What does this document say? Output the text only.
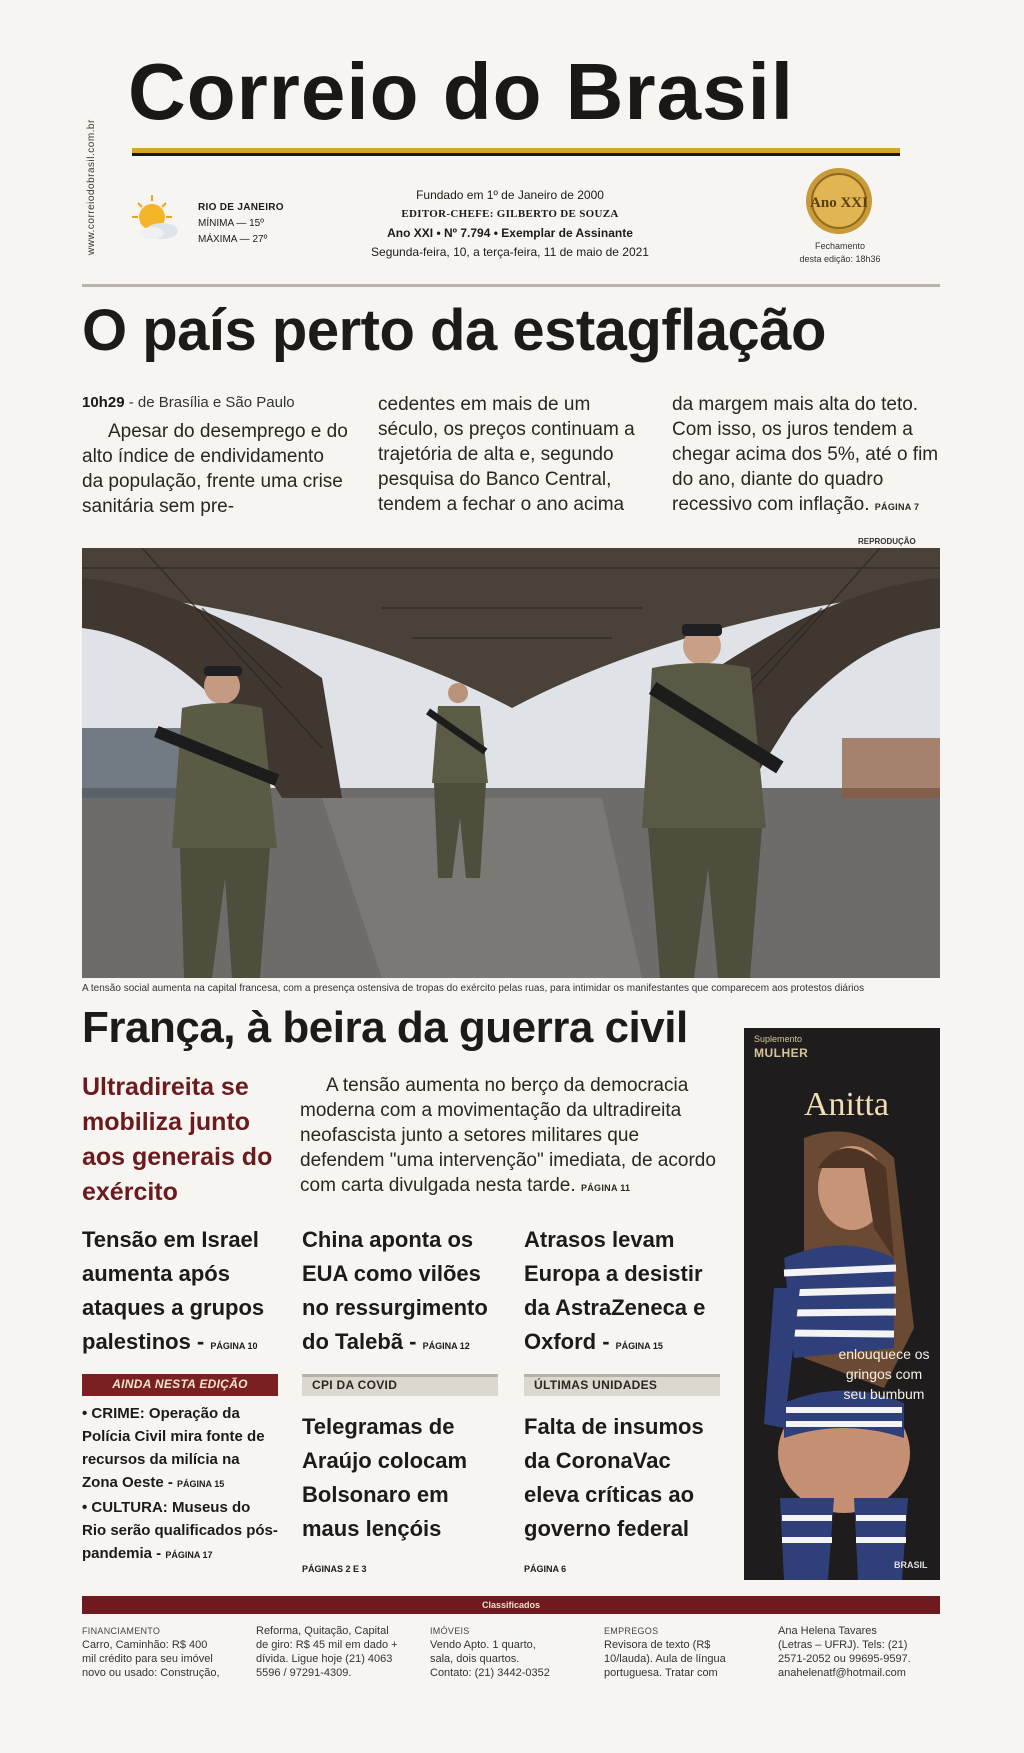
www.correiodobrasil.com.br
Correio do Brasil
RIO DE JANEIRO
MÍNIMA — 15º
MÁXIMA — 27º
Fundado em 1º de Janeiro de 2000
EDITOR-CHEFE: GILBERTO DE SOUZA
Ano XXI • Nº 7.794 • Exemplar de Assinante
Segunda-feira, 10, a terça-feira, 11 de maio de 2021
Ano XXI
Fechamento
desta edição: 18h36
O país perto da estagflação
10h29 - de Brasília e São Paulo
Apesar do desemprego e do alto índice de endividamento da população, frente uma crise sanitária sem pre-
cedentes em mais de um século, os preços continuam a trajetória de alta e, segundo pesquisa do Banco Central, tendem a fechar o ano acima
da margem mais alta do teto. Com isso, os juros tendem a chegar acima dos 5%, até o fim do ano, diante do quadro recessivo com inflação. PÁGINA 7
REPRODUÇÃO
A tensão social aumenta na capital francesa, com a presença ostensiva de tropas do exército pelas ruas, para intimidar os manifestantes que comparecem aos protestos diários
França, à beira da guerra civil
Ultradireita se mobiliza junto aos generais do exército
A tensão aumenta no berço da democracia moderna com a movimentação da ultradireita neofascista junto a setores militares que defendem "uma intervenção" imediata, de acordo com carta divulgada nesta tarde. PÁGINA 11
Tensão em Israel aumenta após ataques a grupos palestinos - PÁGINA 10
China aponta os EUA como vilões no ressurgimento do Talebã - PÁGINA 12
Atrasos levam Europa a desistir da AstraZeneca e Oxford - PÁGINA 15
AINDA NESTA EDIÇÃO	CPI DA COVID	ÚLTIMAS UNIDADES
• CRIME: Operação da Polícia Civil mira fonte de recursos da milícia na Zona Oeste - PÁGINA 15
• CULTURA: Museus do Rio serão qualificados pós-pandemia - PÁGINA 17
Telegramas de Araújo colocam Bolsonaro em maus lençóis
PÁGINAS 2 E 3
Falta de insumos da CoronaVac eleva críticas ao governo federal
PÁGINA 6
Suplemento
MULHER
Anitta
enlouquece os gringos com seu bumbum
BRASIL
Classificados
FINANCIAMENTO
Carro, Caminhão: R$ 400
mil crédito para seu imóvel
novo ou usado: Construção,
Reforma, Quitação, Capital
de giro: R$ 45 mil em dado +
dívida. Ligue hoje (21) 4063
5596 / 97291-4309.
IMÓVEIS
Vendo Apto. 1 quarto,
sala, dois quartos.
Contato: (21) 3442-0352
EMPREGOS
Revisora de texto (R$
10/lauda). Aula de língua
portuguesa. Tratar com
Ana Helena Tavares
(Letras – UFRJ). Tels: (21)
2571-2052 ou 99695-9597.
anahelenatf@hotmail.com
